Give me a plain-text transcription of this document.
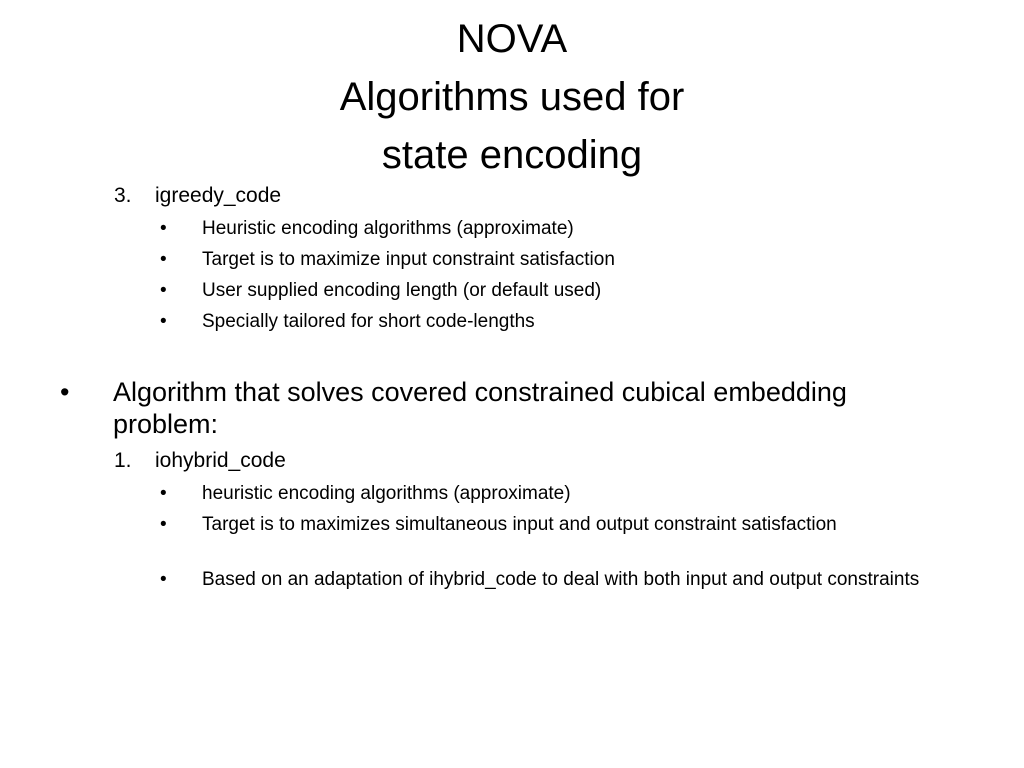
NOVA
Algorithms used for
state encoding
3. igreedy_code
•	Heuristic encoding algorithms (approximate)
•	Target is to maximize input constraint satisfaction
•	User supplied encoding length (or default used)
•	Specially tailored for short code-lengths
•	Algorithm that solves covered constrained cubical embedding problem:
1. iohybrid_code
•	heuristic encoding algorithms (approximate)
•	Target is to maximizes simultaneous input and output constraint satisfaction
•	Based on an adaptation of ihybrid_code to deal with both input and output constraints
